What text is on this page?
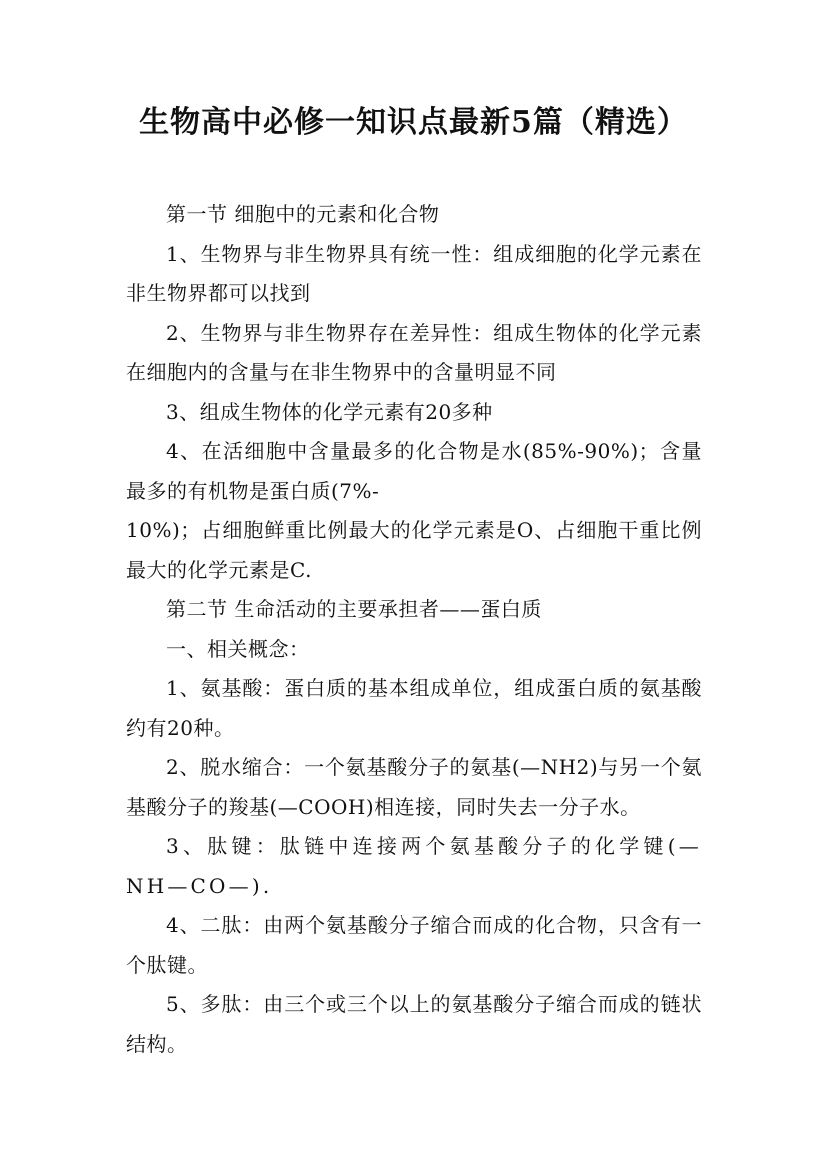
生物高中必修一知识点最新5篇（精选）

第一节 细胞中的元素和化合物

1、生物界与非生物界具有统一性：组成细胞的化学元素在非生物界都可以找到

2、生物界与非生物界存在差异性：组成生物体的化学元素在细胞内的含量与在非生物界中的含量明显不同

3、组成生物体的化学元素有20多种

4、在活细胞中含量最多的化合物是水(85%-90%)；含量最多的有机物是蛋白质(7%-

10%)；占细胞鲜重比例最大的化学元素是O、占细胞干重比例最大的化学元素是C.

第二节 生命活动的主要承担者——蛋白质

一、相关概念：

1、氨基酸：蛋白质的基本组成单位，组成蛋白质的氨基酸约有20种。

2、脱水缩合：一个氨基酸分子的氨基(—NH2)与另一个氨基酸分子的羧基(—COOH)相连接，同时失去一分子水。

3、肽键：肽链中连接两个氨基酸分子的化学键(—NH—CO—).

4、二肽：由两个氨基酸分子缩合而成的化合物，只含有一个肽键。

5、多肽：由三个或三个以上的氨基酸分子缩合而成的链状结构。
